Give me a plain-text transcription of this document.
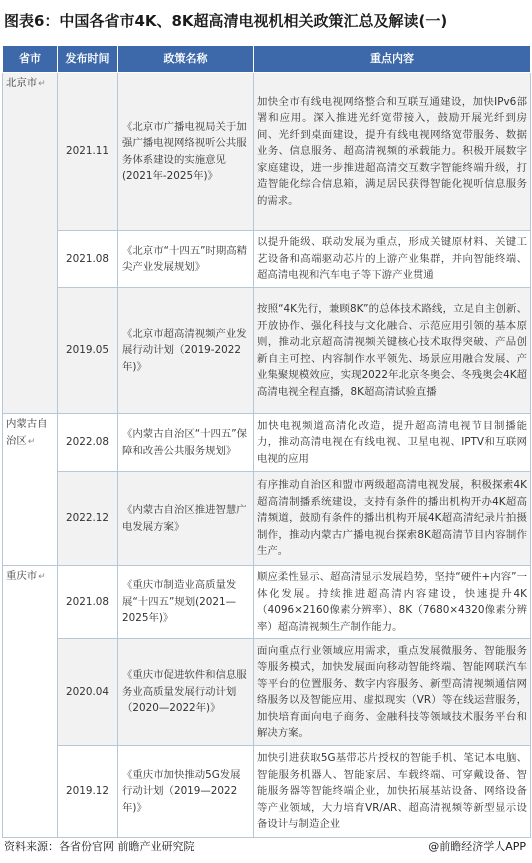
图表6：中国各省市4K、8K超高清电视机相关政策汇总及解读(一)
省市	发布时间	政策名称	重点内容
北京市↵	2021.11	《北京市广播电视局关于加强广播电视网络视听公共服务体系建设的实施意见(2021年-2025年)》	加快全市有线电视网络整合和互联互通建设，加快IPv6部署和应用。深入推进光纤宽带接入，鼓励开展光纤到房间、光纤到桌面建设，提升有线电视网络宽带服务、数据业务、信息服务、超高清视频的承载能力。积极开展数字家庭建设，进一步推进超高清交互数字智能终端升级，打造智能化综合信息箱，满足居民获得智能化视听信息服务的需求。
	2021.08	《北京市“十四五”时期高精尖产业发展规划》	以提升能级、联动发展为重点，形成关键原材料、关键工艺设备和高端驱动芯片的上游产业集群，并向智能终端、超高清电视和汽车电子等下游产业贯通
	2019.05	《北京市超高清视频产业发展行动计划（2019-2022年)》	按照“4K先行，兼顾8K”的总体技术路线，立足自主创新、开放协作、强化科技与文化融合、示范应用引领的基本原则，推动北京超高清视频关键核心技术取得突破、产品创新自主可控、内容制作水平领先、场景应用融合发展、产业集聚规模效应，实现2022年北京冬奥会、冬残奥会4K超高清电视全程直播，8K超高清试验直播
内蒙古自治区↵	2022.08	《内蒙古自治区“十四五”保障和改善公共服务规划》	加快电视频道高清化改造，提升超高清电视节目制播能力，推动高清电视在有线电视、卫星电视、IPTV和互联网电视的应用
	2022.12	《内蒙古自治区推进智慧广电发展方案》	有序推动自治区和盟市两级超高清电视发展，积极探索4K超高清制播系统建设，支持有条件的播出机构开办4K超高清频道，鼓励有条件的播出机构开展4K超高清纪录片拍摄制作，推动内蒙古广播电视台探索8K超高清节目内容制作生产。
重庆市↵	2021.08	《重庆市制造业高质量发展“十四五”规划(2021—2025年)》	顺应柔性显示、超高清显示发展趋势，坚持“硬件+内容”一体化发展。持续推进超高清内容建设，快速提升4K（4096×2160像素分辨率）、8K（7680×4320像素分辨率）超高清视频生产制作能力。
	2020.04	《重庆市促进软件和信息服务业高质量发展行动计划（2020—2022年)》	面向重点行业领域应用需求，重点发展微服务、智能服务等服务模式，加快发展面向移动智能终端、智能网联汽车等平台的位置服务、数字内容服务、新型高清视频通信网络服务以及智能应用、虚拟现实（VR）等在线运营服务，加快培育面向电子商务、金融科技等领域技术服务平台和解决方案。
	2019.12	《重庆市加快推动5G发展行动计划（2019—2022年)》	加快引进获取5G基带芯片授权的智能手机、笔记本电脑、智能服务机器人、智能家居、车载终端、可穿戴设备、智能服务器等智能终端企业，加快拓展基站设备、网络设备等产业领域，大力培育VR/AR、超高清视频等新型显示设备设计与制造企业
资料来源：各省份官网 前瞻产业研究院	@前瞻经济学人APP
